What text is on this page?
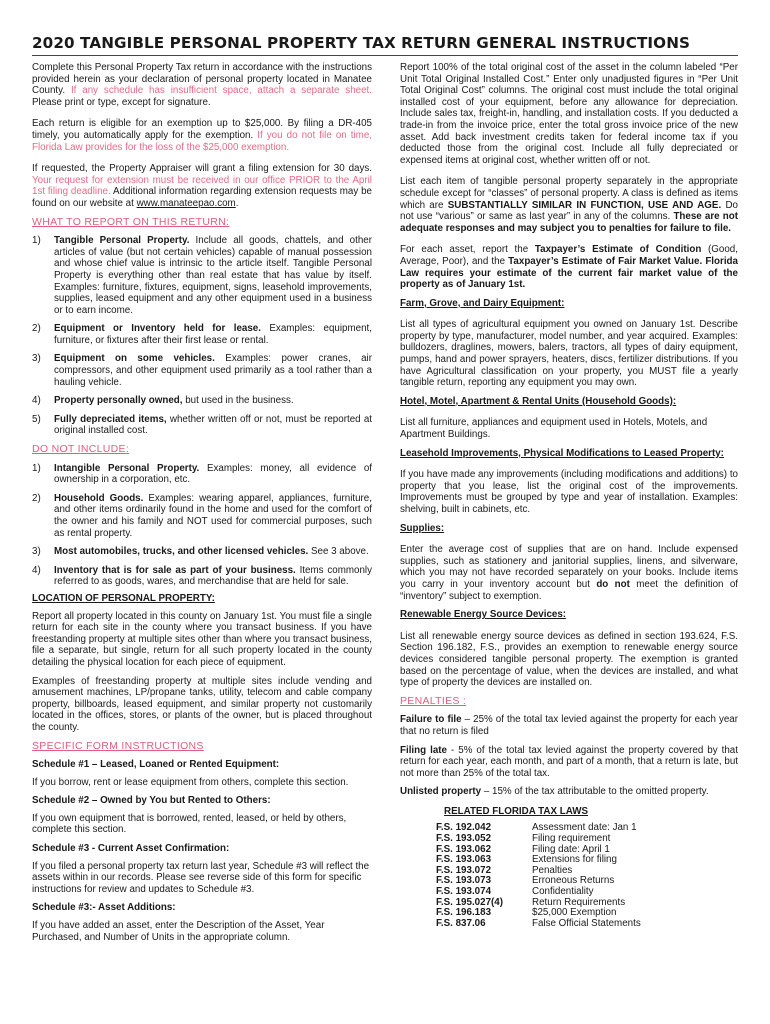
2020 TANGIBLE PERSONAL PROPERTY TAX RETURN GENERAL INSTRUCTIONS

Complete this Personal Property Tax return in accordance with the instructions provided herein as your declaration of personal property located in Manatee County. If any schedule has insufficient space, attach a separate sheet. Please print or type, except for signature.

Each return is eligible for an exemption up to $25,000. By filing a DR-405 timely, you automatically apply for the exemption. If you do not file on time, Florida Law provides for the loss of the $25,000 exemption.

If requested, the Property Appraiser will grant a filing extension for 30 days. Your request for extension must be received in our office PRIOR to the April 1st filing deadline. Additional information regarding extension requests may be found on our website at www.manateepao.com.

WHAT TO REPORT ON THIS RETURN:
1) Tangible Personal Property. Include all goods, chattels, and other articles of value (but not certain vehicles) capable of manual possession and whose chief value is intrinsic to the article itself. Tangible Personal Property is everything other than real estate that has value by itself. Examples: furniture, fixtures, equipment, signs, leasehold improvements, supplies, leased equipment and any other equipment used in a business or to earn income.
2) Equipment or Inventory held for lease. Examples: equipment, furniture, or fixtures after their first lease or rental.
3) Equipment on some vehicles. Examples: power cranes, air compressors, and other equipment used primarily as a tool rather than a hauling vehicle.
4) Property personally owned, but used in the business.
5) Fully depreciated items, whether written off or not, must be reported at original installed cost.
DO NOT INCLUDE:
1) Intangible Personal Property. Examples: money, all evidence of ownership in a corporation, etc.
2) Household Goods. Examples: wearing apparel, appliances, furniture, and other items ordinarily found in the home and used for the comfort of the owner and his family and NOT used for commercial purposes, such as rental property.
3) Most automobiles, trucks, and other licensed vehicles. See 3 above.
4) Inventory that is for sale as part of your business. Items commonly referred to as goods, wares, and merchandise that are held for sale.
LOCATION OF PERSONAL PROPERTY:

Report all property located in this county on January 1st. You must file a single return for each site in the county where you transact business. If you have freestanding property at multiple sites other than where you transact business, file a separate, but single, return for all such property located in the county detailing the physical location for each piece of equipment.

Examples of freestanding property at multiple sites include vending and amusement machines, LP/propane tanks, utility, telecom and cable company property, billboards, leased equipment, and similar property not customarily located in the offices, stores, or plants of the owner, but is placed throughout the county.

SPECIFIC FORM INSTRUCTIONS
Schedule #1 – Leased, Loaned or Rented Equipment:

If you borrow, rent or lease equipment from others, complete this section.

Schedule #2 – Owned by You but Rented to Others:

If you own equipment that is borrowed, rented, leased, or held by others, complete this section.

Schedule #3 - Current Asset Confirmation:

If you filed a personal property tax return last year, Schedule #3 will reflect the assets within in our records. Please see reverse side of this form for specific instructions for review and updates to Schedule #3.

Schedule #3:- Asset Additions:

If you have added an asset, enter the Description of the Asset, Year Purchased, and Number of Units in the appropriate column.

Report 100% of the total original cost of the asset in the column labeled “Per Unit Total Original Installed Cost.” Enter only unadjusted figures in “Per Unit Total Original Cost” columns. The original cost must include the total original installed cost of your equipment, before any allowance for depreciation. Include sales tax, freight-in, handling, and installation costs. If you deducted a trade-in from the invoice price, enter the total gross invoice price of the new asset. Add back investment credits taken for federal income tax if you deducted those from the original cost. Include all fully depreciated or expensed items at original cost, whether written off or not.

List each item of tangible personal property separately in the appropriate schedule except for “classes” of personal property. A class is defined as items which are SUBSTANTIALLY SIMILAR IN FUNCTION, USE AND AGE. Do not use “various” or same as last year” in any of the columns. These are not adequate responses and may subject you to penalties for failure to file.

For each asset, report the Taxpayer’s Estimate of Condition (Good, Average, Poor), and the Taxpayer’s Estimate of Fair Market Value. Florida Law requires your estimate of the current fair market value of the property as of January 1st.

Farm, Grove, and Dairy Equipment:

List all types of agricultural equipment you owned on January 1st. Describe property by type, manufacturer, model number, and year acquired. Examples: bulldozers, draglines, mowers, balers, tractors, all types of dairy equipment, pumps, hand and power sprayers, heaters, discs, fertilizer distributions. If you have Agricultural classification on your property, you MUST file a yearly tangible return, reporting any equipment you may own.

Hotel, Motel, Apartment & Rental Units (Household Goods):

List all furniture, appliances and equipment used in Hotels, Motels, and Apartment Buildings.

Leasehold Improvements, Physical Modifications to Leased Property:

If you have made any improvements (including modifications and additions) to property that you lease, list the original cost of the improvements. Improvements must be grouped by type and year of installation. Examples: shelving, built in cabinets, etc.

Supplies:

Enter the average cost of supplies that are on hand. Include expensed supplies, such as stationery and janitorial supplies, linens, and silverware, which you may not have recorded separately on your books. Include items you carry in your inventory account but do not meet the definition of “inventory” subject to exemption.

Renewable Energy Source Devices:

List all renewable energy source devices as defined in section 193.624, F.S. Section 196.182, F.S., provides an exemption to renewable energy source devices considered tangible personal property. The exemption is granted based on the percentage of value, when the devices are installed, and what type of property the devices are installed on.

PENALTIES :

Failure to file – 25% of the total tax levied against the property for each year that no return is filed

Filing late - 5% of the total tax levied against the property covered by that return for each year, each month, and part of a month, that a return is late, but not more than 25% of the total tax.

Unlisted property – 15% of the tax attributable to the omitted property.

RELATED FLORIDA TAX LAWS
F.S. 192.042	Assessment date: Jan 1
F.S. 193.052	Filing requirement
F.S. 193.062	Filing date: April 1
F.S. 193.063	Extensions for filing
F.S. 193.072	Penalties
F.S. 193.073	Erroneous Returns
F.S. 193.074	Confidentiality
F.S. 195.027(4)	Return Requirements
F.S. 196.183	$25,000 Exemption
F.S. 837.06	False Official Statements
